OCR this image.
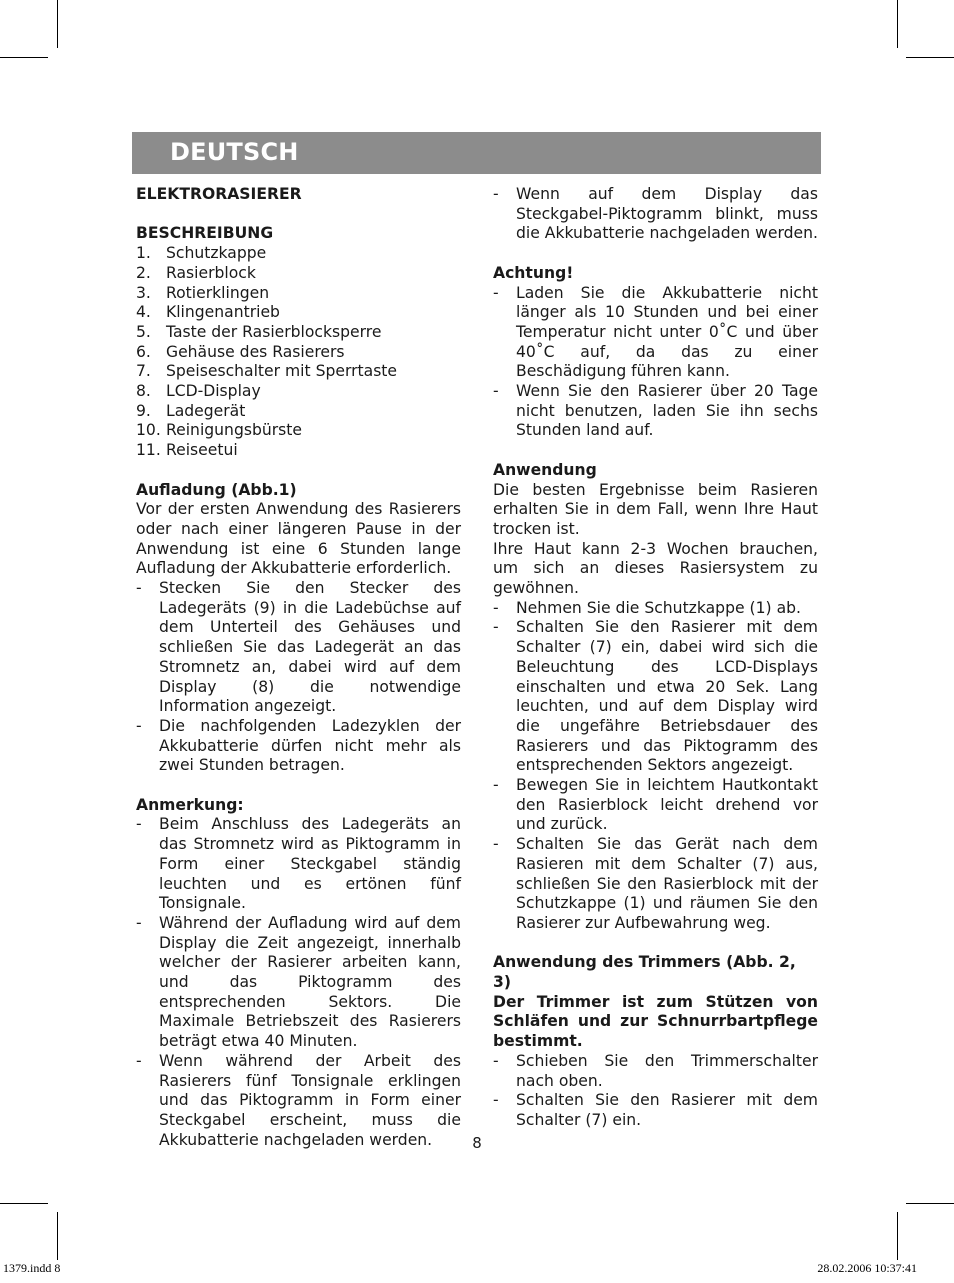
DEUTSCH
ELEKTRORASIERER
BESCHREIBUNG
1. Schutzkappe
2. Rasierblock
3. Rotierklingen
4. Klingenantrieb
5. Taste der Rasierblocksperre
6. Gehäuse des Rasierers
7. Speiseschalter mit Sperrtaste
8. LCD-Display
9. Ladegerät
10. Reinigungsbürste
11. Reiseetui
Aufladung (Abb.1)
Vor der ersten Anwendung des Rasierers oder nach einer längeren Pause in der Anwendung ist eine 6 Stunden lange Aufladung der Akkubatterie erforderlich.
-	Stecken Sie den Stecker des Ladegeräts (9) in die Ladebüchse auf dem Unterteil des Gehäuses und schließen Sie das Ladegerät an das Stromnetz an, dabei wird auf dem Display (8) die notwendige Information angezeigt.
-	Die nachfolgenden Ladezyklen der Akkubatterie dürfen nicht mehr als zwei Stunden betragen.
Anmerkung:
-	Beim Anschluss des Ladegeräts an das Stromnetz wird as Piktogramm in Form einer Steckgabel ständig leuchten und es ertönen fünf Tonsignale.
-	Während der Aufladung wird auf dem Display die Zeit angezeigt, innerhalb welcher der Rasierer arbeiten kann, und das Piktogramm des entsprechenden Sektors. Die Maximale Betriebszeit des Rasierers beträgt etwa 40 Minuten.
-	Wenn während der Arbeit des Rasierers fünf Tonsignale erklingen und das Piktogramm in Form einer Steckgabel erscheint, muss die Akkubatterie nachgeladen werden.
-	Wenn auf dem Display das Steckgabel-Piktogramm blinkt, muss die Akkubatterie nachgeladen werden.
Achtung!
-	Laden Sie die Akkubatterie nicht länger als 10 Stunden und bei einer Temperatur nicht unter 0˚C und über 40˚C auf, da das zu einer Beschädigung führen kann.
-	Wenn Sie den Rasierer über 20 Tage nicht benutzen, laden Sie ihn sechs Stunden land auf.
Anwendung
Die besten Ergebnisse beim Rasieren erhalten Sie in dem Fall, wenn Ihre Haut trocken ist.
Ihre Haut kann 2-3 Wochen brauchen, um sich an dieses Rasiersystem zu gewöhnen.
-	Nehmen Sie die Schutzkappe (1) ab.
-	Schalten Sie den Rasierer mit dem Schalter (7) ein, dabei wird sich die Beleuchtung des LCD-Displays einschalten und etwa 20 Sek. Lang leuchten, und auf dem Display wird die ungefähre Betriebsdauer des Rasierers und das Piktogramm des entsprechenden Sektors angezeigt.
-	Bewegen Sie in leichtem Hautkontakt den Rasierblock leicht drehend vor und zurück.
-	Schalten Sie das Gerät nach dem Rasieren mit dem Schalter (7) aus, schließen Sie den Rasierblock mit der Schutzkappe (1) und räumen Sie den Rasierer zur Aufbewahrung weg.
Anwendung des Trimmers (Abb. 2, 3)
Der Trimmer ist zum Stützen von Schläfen und zur Schnurrbartpflege bestimmt.
-	Schieben Sie den Trimmerschalter nach oben.
-	Schalten Sie den Rasierer mit dem Schalter (7) ein.
8
1379.indd 8	28.02.2006 10:37:41
